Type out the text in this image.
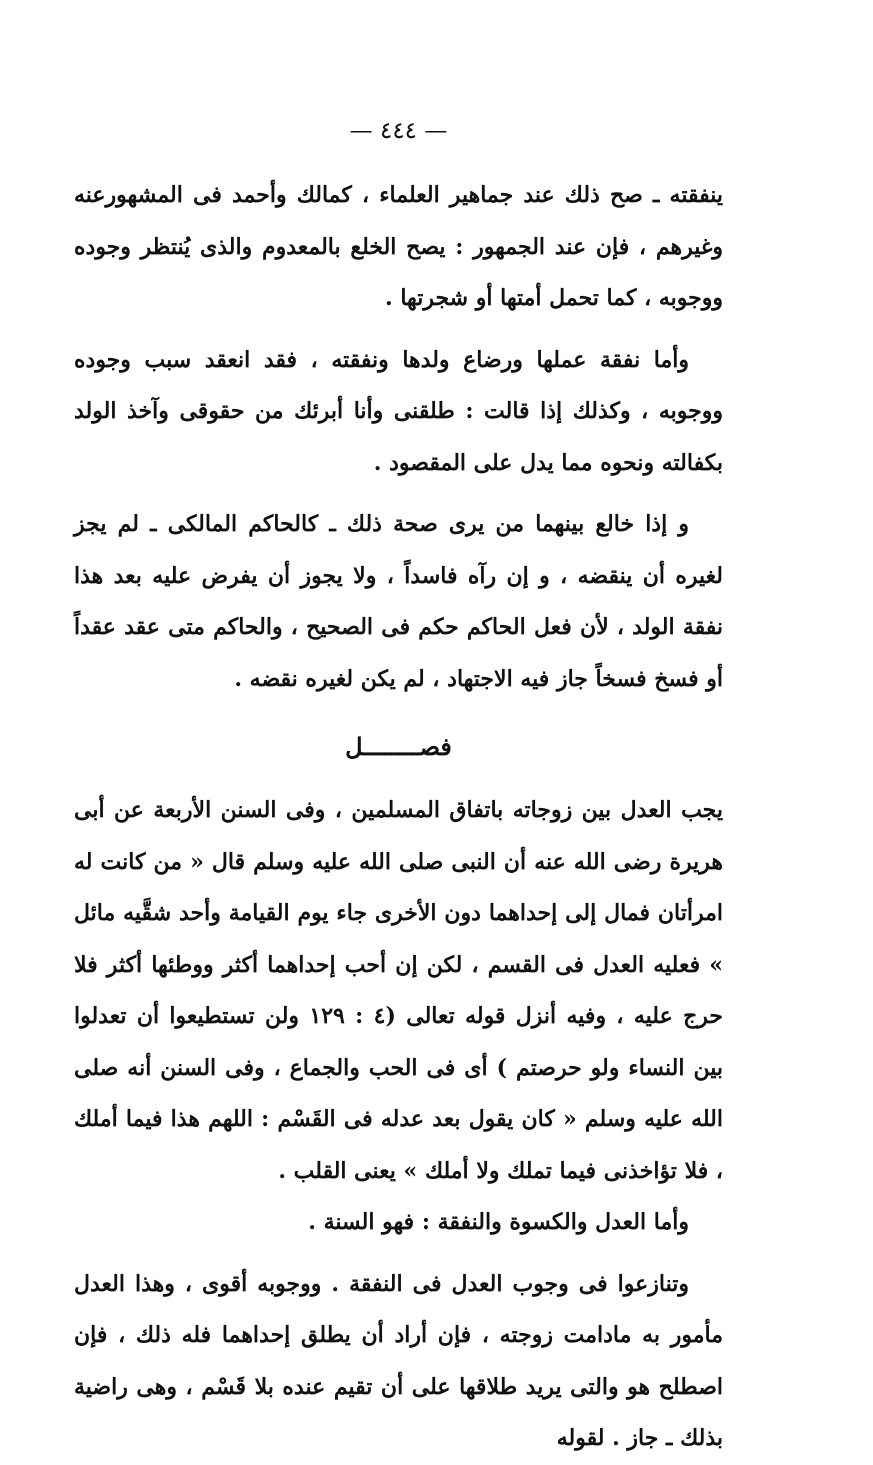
— ٤٤٤ —

ينفقته ـ صح ذلك عند جماهير العلماء ، كمالك وأحمد فى المشهورعنه وغيرهم ، فإن عند الجمهور : يصح الخلع بالمعدوم والذى يُنتظر وجوده ووجوبه ، كما تحمل أمتها أو شجرتها .

وأما نفقة عملها ورضاع ولدها ونفقته ، فقد انعقد سبب وجوده ووجوبه ، وكذلك إذا قالت : طلقنى وأنا أبرئك من حقوقى وآخذ الولد بكفالته ونحوه مما يدل على المقصود .

و إذا خالع بينهما من يرى صحة ذلك ـ كالحاكم المالكى ـ لم يجز لغيره أن ينقضه ، و إن رآه فاسداً ، ولا يجوز أن يفرض عليه بعد هذا نفقة الولد ، لأن فعل الحاكم حكم فى الصحيح ، والحاكم متى عقد عقداً أو فسخ فسخاً جاز فيه الاجتهاد ، لم يكن لغيره نقضه .

فصــــــــل

يجب العدل بين زوجاته باتفاق المسلمين ، وفى السنن الأربعة عن أبى هريرة رضى الله عنه أن النبى صلى الله عليه وسلم قال « من كانت له امرأتان فمال إلى إحداهما دون الأخرى جاء يوم القيامة وأحد شقَّيه مائل » فعليه العدل فى القسم ، لكن إن أحب إحداهما أكثر ووطئها أكثر فلا حرج عليه ، وفيه أنزل قوله تعالى (٤ : ١٢٩ ولن تستطيعوا أن تعدلوا بين النساء ولو حرصتم ) أى فى الحب والجماع ، وفى السنن أنه صلى الله عليه وسلم « كان يقول بعد عدله فى القَسْم : اللهم هذا فيما أملك ، فلا تؤاخذنى فيما تملك ولا أملك » يعنى القلب .

وأما العدل والكسوة والنفقة : فهو السنة .

وتنازعوا فى وجوب العدل فى النفقة . ووجوبه أقوى ، وهذا العدل مأمور به مادامت زوجته ، فإن أراد أن يطلق إحداهما فله ذلك ، فإن اصطلح هو والتى يريد طلاقها على أن تقيم عنده بلا قَسْم ، وهى راضية بذلك ـ جاز . لقوله
